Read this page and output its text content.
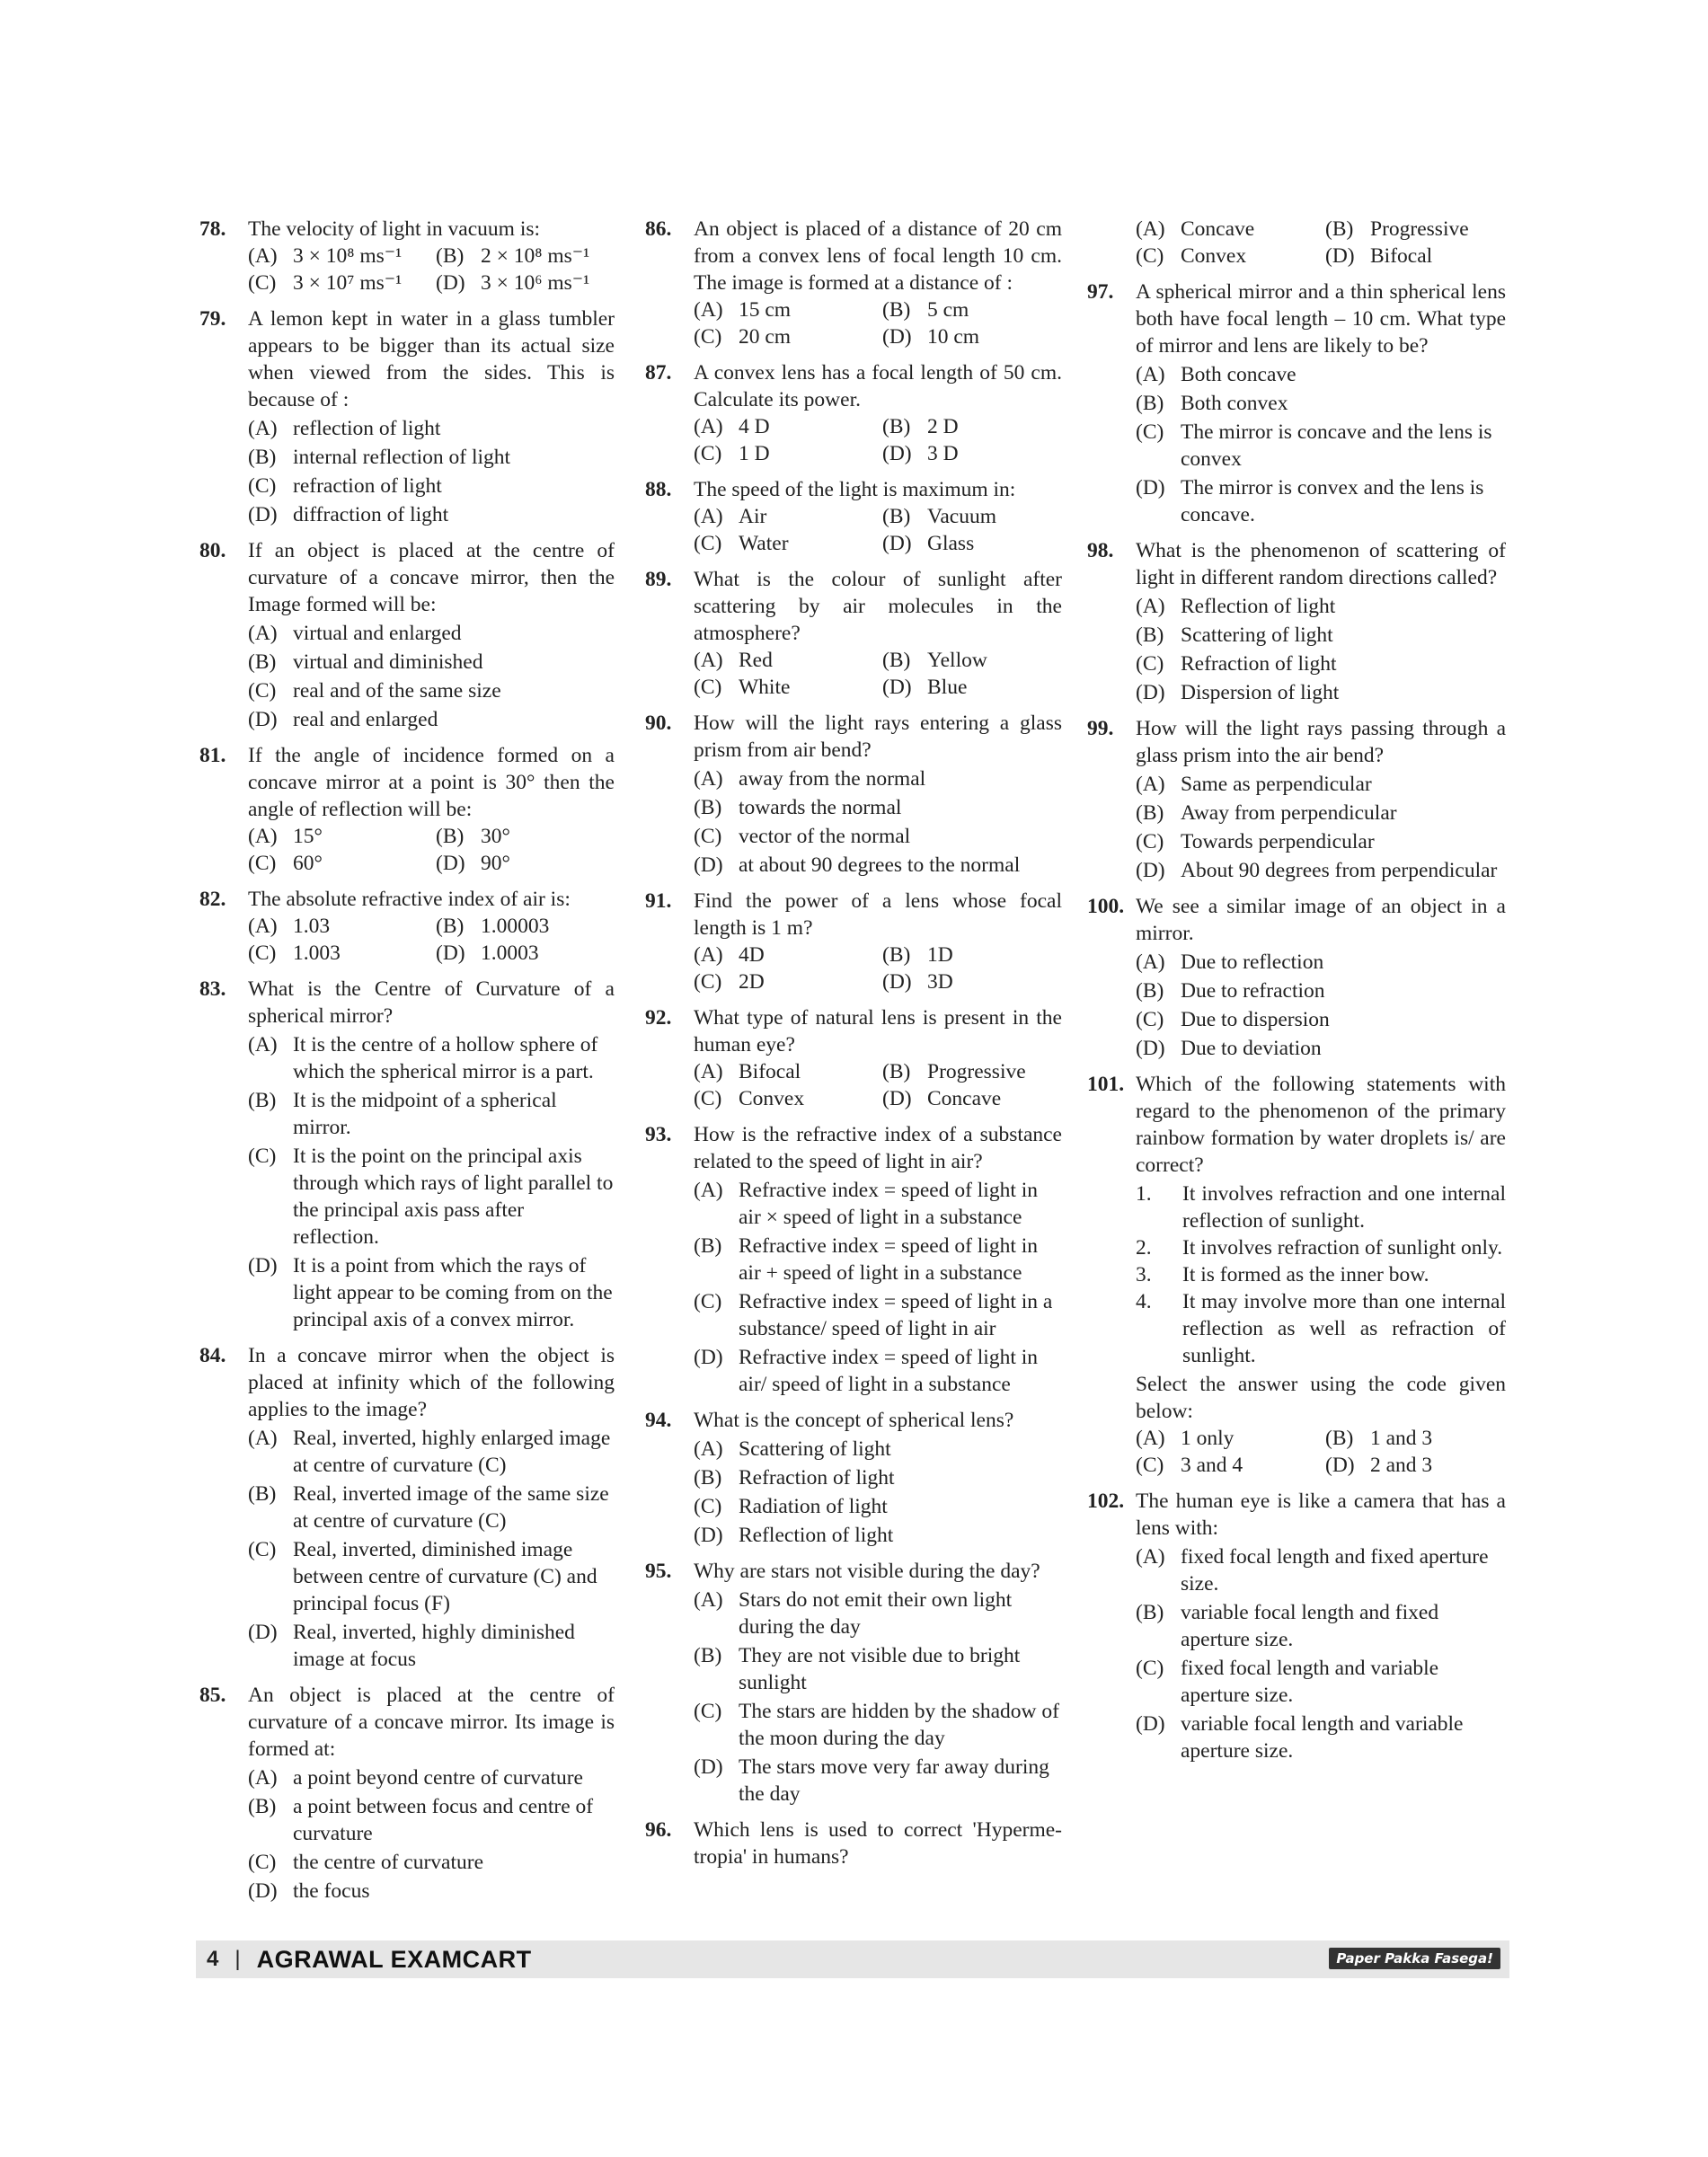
78.	The velocity of light in vacuum is:
(A) 3 × 10⁸ ms⁻¹	(B) 2 × 10⁸ ms⁻¹
(C) 3 × 10⁷ ms⁻¹	(D) 3 × 10⁶ ms⁻¹
79.	A lemon kept in water in a glass tumbler appears to be bigger than its actual size when viewed from the sides. This is because of :
(A) reflection of light
(B) internal reflection of light
(C) refraction of light
(D) diffraction of light
80.	If an object is placed at the centre of curvature of a concave mirror, then the Image formed will be:
(A) virtual and enlarged
(B) virtual and diminished
(C) real and of the same size
(D) real and enlarged
81.	If the angle of incidence formed on a concave mirror at a point is 30° then the angle of reflection will be:
(A) 15°	(B) 30°
(C) 60°	(D) 90°
82.	The absolute refractive index of air is:
(A) 1.03	(B) 1.00003
(C) 1.003	(D) 1.0003
83.	What is the Centre of Curvature of a spherical mirror?
(A) It is the centre of a hollow sphere of which the spherical mirror is a part.
(B) It is the midpoint of a spherical mirror.
(C) It is the point on the principal axis through which rays of light parallel to the principal axis pass after reflection.
(D) It is a point from which the rays of light appear to be coming from on the principal axis of a convex mirror.
84.	In a concave mirror when the object is placed at infinity which of the following applies to the image?
(A) Real, inverted, highly enlarged image at centre of curvature (C)
(B) Real, inverted image of the same size at centre of curvature (C)
(C) Real, inverted, diminished image between centre of curvature (C) and principal focus (F)
(D) Real, inverted, highly diminished image at focus
85.	An object is placed at the centre of curvature of a concave mirror. Its image is formed at:
(A) a point beyond centre of curvature
(B) a point between focus and centre of curvature
(C) the centre of curvature
(D) the focus
86.	An object is placed of a distance of 20 cm from a convex lens of focal length 10 cm. The image is formed at a distance of :
(A) 15 cm	(B) 5 cm
(C) 20 cm	(D) 10 cm
87.	A convex lens has a focal length of 50 cm. Calculate its power.
(A) 4 D	(B) 2 D
(C) 1 D	(D) 3 D
88.	The speed of the light is maximum in:
(A) Air	(B) Vacuum
(C) Water	(D) Glass
89.	What is the colour of sunlight after scattering by air molecules in the atmosphere?
(A) Red	(B) Yellow
(C) White	(D) Blue
90.	How will the light rays entering a glass prism from air bend?
(A) away from the normal
(B) towards the normal
(C) vector of the normal
(D) at about 90 degrees to the normal
91.	Find the power of a lens whose focal length is 1 m?
(A) 4D	(B) 1D
(C) 2D	(D) 3D
92.	What type of natural lens is present in the human eye?
(A) Bifocal	(B) Progressive
(C) Convex	(D) Concave
93.	How is the refractive index of a substance related to the speed of light in air?
(A) Refractive index = speed of light in air × speed of light in a substance
(B) Refractive index = speed of light in air + speed of light in a substance
(C) Refractive index = speed of light in a substance/ speed of light in air
(D) Refractive index = speed of light in air/ speed of light in a substance
94.	What is the concept of spherical lens?
(A) Scattering of light
(B) Refraction of light
(C) Radiation of light
(D) Reflection of light
95.	Why are stars not visible during the day?
(A) Stars do not emit their own light during the day
(B) They are not visible due to bright sunlight
(C) The stars are hidden by the shadow of the moon during the day
(D) The stars move very far away during the day
96.	Which lens is used to correct 'Hyperme-tropia' in humans?
(A) Concave	(B) Progressive
(C) Convex	(D) Bifocal
97.	A spherical mirror and a thin spherical lens both have focal length – 10 cm. What type of mirror and lens are likely to be?
(A) Both concave
(B) Both convex
(C) The mirror is concave and the lens is convex
(D) The mirror is convex and the lens is concave.
98.	What is the phenomenon of scattering of light in different random directions called?
(A) Reflection of light
(B) Scattering of light
(C) Refraction of light
(D) Dispersion of light
99.	How will the light rays passing through a glass prism into the air bend?
(A) Same as perpendicular
(B) Away from perpendicular
(C) Towards perpendicular
(D) About 90 degrees from perpendicular
100. We see a similar image of an object in a mirror.
(A) Due to reflection
(B) Due to refraction
(C) Due to dispersion
(D) Due to deviation
101. Which of the following statements with regard to the phenomenon of the primary rainbow formation by water droplets is/ are correct?
1. It involves refraction and one internal reflection of sunlight.
2. It involves refraction of sunlight only.
3. It is formed as the inner bow.
4. It may involve more than one internal reflection as well as refraction of sunlight.
Select the answer using the code given below:
(A) 1 only	(B) 1 and 3
(C) 3 and 4	(D) 2 and 3
102. The human eye is like a camera that has a lens with:
(A) fixed focal length and fixed aperture size.
(B) variable focal length and fixed aperture size.
(C) fixed focal length and variable aperture size.
(D) variable focal length and variable aperture size.
4 | AGRAWAL EXAMCART	Paper Pakka Fasega!
